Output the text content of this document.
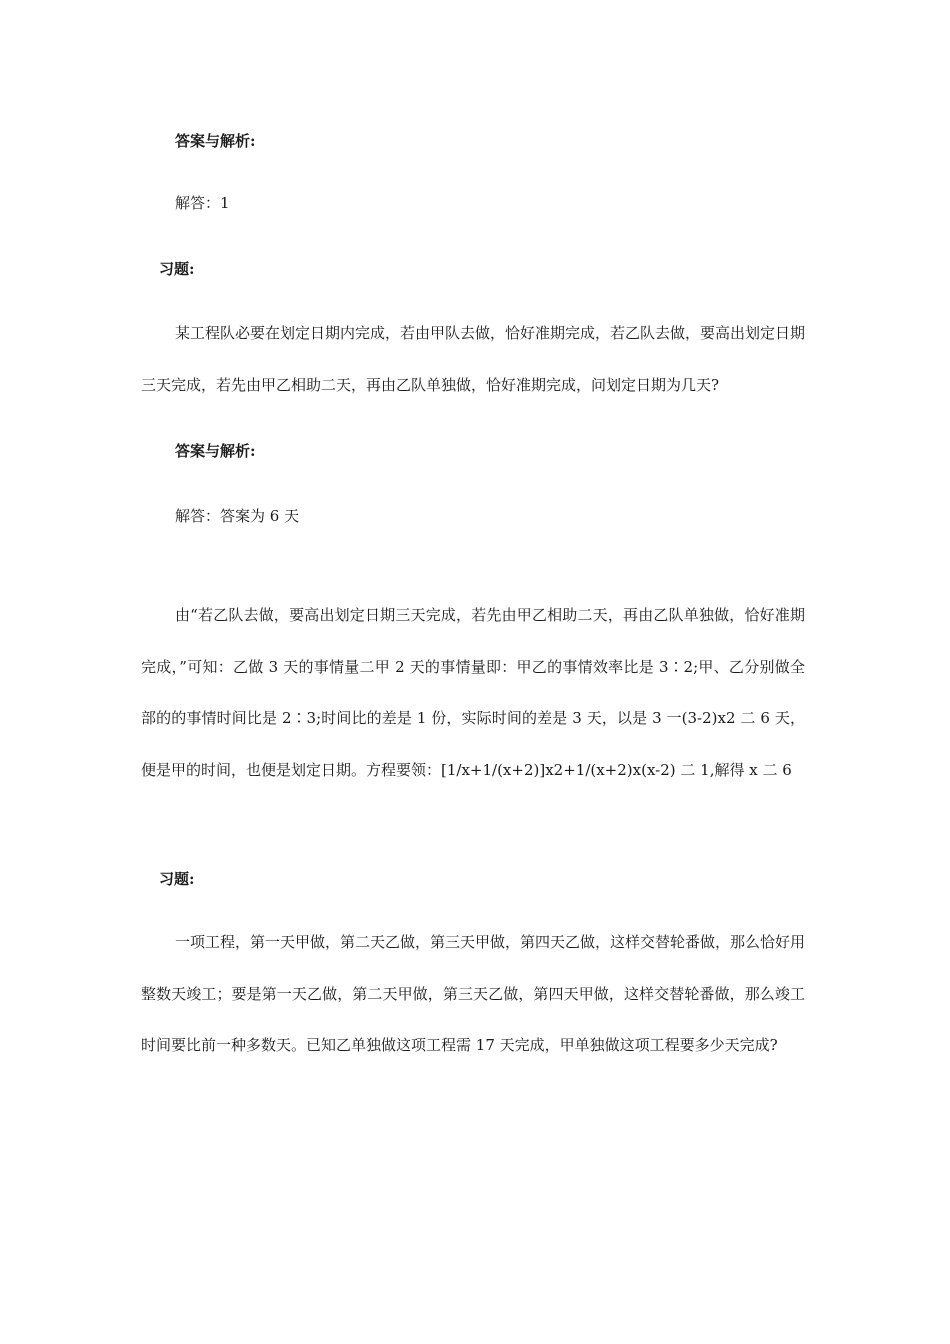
答案与解析:
解答：1
习题:
某工程队必要在划定日期内完成，若由甲队去做，恰好准期完成，若乙队去做，要高出划定日期三天完成，若先由甲乙相助二天，再由乙队单独做，恰好准期完成，问划定日期为几天?
答案与解析:
解答：答案为 6 天
由“若乙队去做，要高出划定日期三天完成，若先由甲乙相助二天，再由乙队单独做，恰好准期完成，”可知：乙做 3 天的事情量二甲 2 天的事情量即：甲乙的事情效率比是 3∶2;甲、乙分别做全部的的事情时间比是 2∶3;时间比的差是 1 份，实际时间的差是 3 天，以是 3 一(3-2)x2 二 6 天，便是甲的时间，也便是划定日期。方程要领：[1/x+1/(x+2)]x2+1/(x+2)x(x-2) 二 1,解得 x 二 6
习题:
一项工程，第一天甲做，第二天乙做，第三天甲做，第四天乙做，这样交替轮番做，那么恰好用整数天竣工；要是第一天乙做，第二天甲做，第三天乙做，第四天甲做，这样交替轮番做，那么竣工时间要比前一种多数天。已知乙单独做这项工程需 17 天完成，甲单独做这项工程要多少天完成?
